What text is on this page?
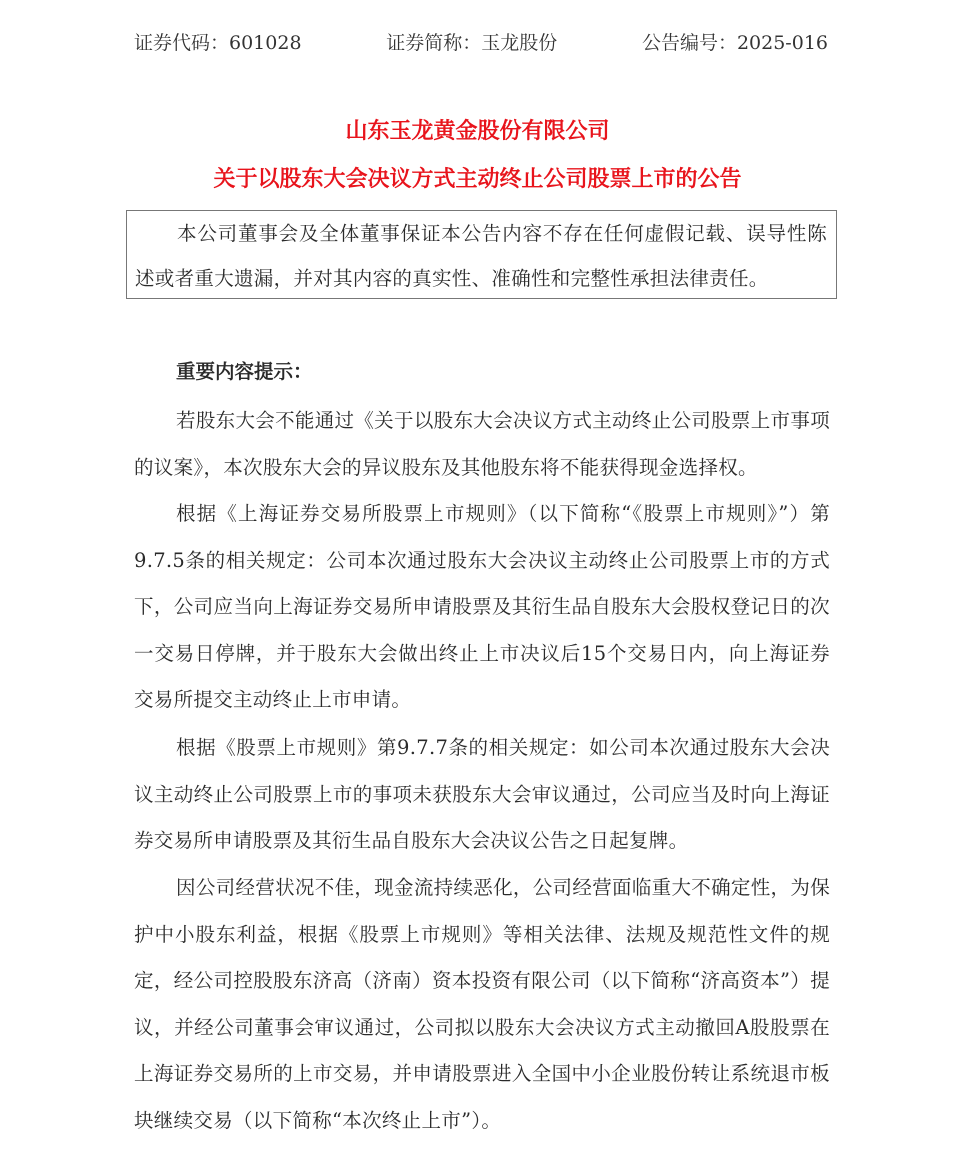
证券代码：601028	证券简称：玉龙股份	公告编号：2025-016
山东玉龙黄金股份有限公司
关于以股东大会决议方式主动终止公司股票上市的公告

本公司董事会及全体董事保证本公告内容不存在任何虚假记载、误导性陈述或者重大遗漏，并对其内容的真实性、准确性和完整性承担法律责任。

重要内容提示：

若股东大会不能通过《关于以股东大会决议方式主动终止公司股票上市事项的议案》，本次股东大会的异议股东及其他股东将不能获得现金选择权。

根据《上海证券交易所股票上市规则》（以下简称“《股票上市规则》”）第9.7.5条的相关规定：公司本次通过股东大会决议主动终止公司股票上市的方式下，公司应当向上海证券交易所申请股票及其衍生品自股东大会股权登记日的次一交易日停牌，并于股东大会做出终止上市决议后15个交易日内，向上海证券交易所提交主动终止上市申请。

根据《股票上市规则》第9.7.7条的相关规定：如公司本次通过股东大会决议主动终止公司股票上市的事项未获股东大会审议通过，公司应当及时向上海证券交易所申请股票及其衍生品自股东大会决议公告之日起复牌。

因公司经营状况不佳，现金流持续恶化，公司经营面临重大不确定性，为保护中小股东利益，根据《股票上市规则》等相关法律、法规及规范性文件的规定，经公司控股股东济高（济南）资本投资有限公司（以下简称“济高资本”）提议，并经公司董事会审议通过，公司拟以股东大会决议方式主动撤回A股股票在上海证券交易所的上市交易，并申请股票进入全国中小企业股份转让系统退市板块继续交易（以下简称“本次终止上市”）。
